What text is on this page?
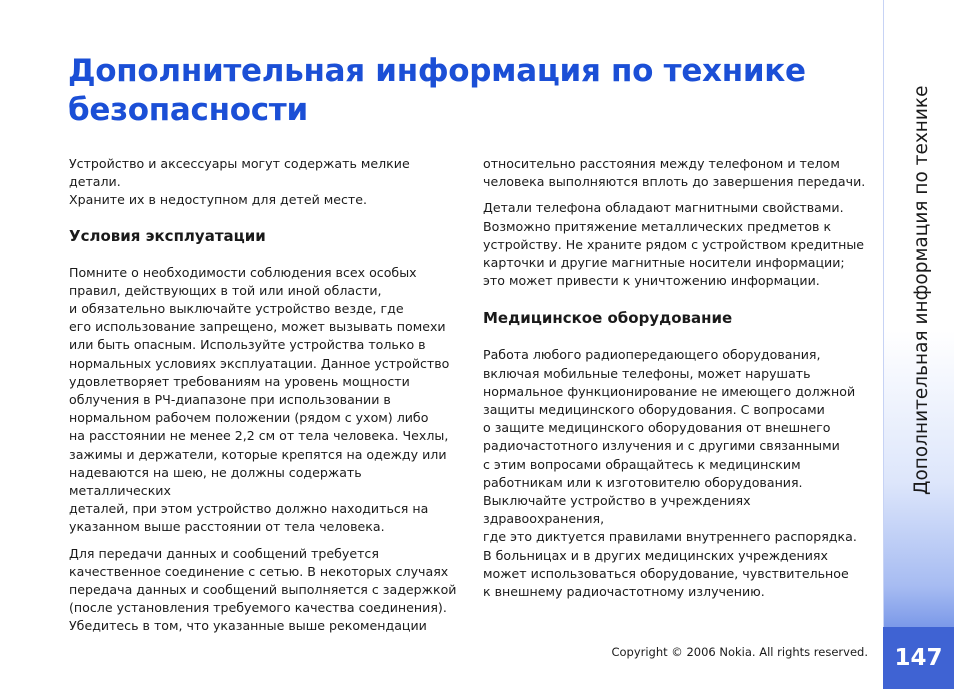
Дополнительная информация по технике
безопасности

Устройство и аксессуары могут содержать мелкие детали.
Храните их в недоступном для детей месте.

Условия эксплуатации

Помните о необходимости соблюдения всех особых
правил, действующих в той или иной области,
и обязательно выключайте устройство везде, где
его использование запрещено, может вызывать помехи
или быть опасным. Используйте устройства только в
нормальных условиях эксплуатации. Данное устройство
удовлетворяет требованиям на уровень мощности
облучения в РЧ-диапазоне при использовании в
нормальном рабочем положении (рядом с ухом) либо
на расстоянии не менее 2,2 см от тела человека. Чехлы,
зажимы и держатели, которые крепятся на одежду или
надеваются на шею, не должны содержать металлических
деталей, при этом устройство должно находиться на
указанном выше расстоянии от тела человека.

Для передачи данных и сообщений требуется
качественное соединение с сетью. В некоторых случаях
передача данных и сообщений выполняется с задержкой
(после установления требуемого качества соединения).
Убедитесь в том, что указанные выше рекомендации

относительно расстояния между телефоном и телом
человека выполняются вплоть до завершения передачи.

Детали телефона обладают магнитными свойствами.
Возможно притяжение металлических предметов к
устройству. Не храните рядом с устройством кредитные
карточки и другие магнитные носители информации;
это может привести к уничтожению информации.

Медицинское оборудование

Работа любого радиопередающего оборудования,
включая мобильные телефоны, может нарушать
нормальное функционирование не имеющего должной
защиты медицинского оборудования. С вопросами
о защите медицинского оборудования от внешнего
радиочастотного излучения и с другими связанными
с этим вопросами обращайтесь к медицинским
работникам или к изготовителю оборудования.
Выключайте устройство в учреждениях здравоохранения,
где это диктуется правилами внутреннего распорядка.
В больницах и в других медицинских учреждениях
может использоваться оборудование, чувствительное
к внешнему радиочастотному излучению.

Copyright © 2006 Nokia. All rights reserved.
Дополнительная информация по технике
147
